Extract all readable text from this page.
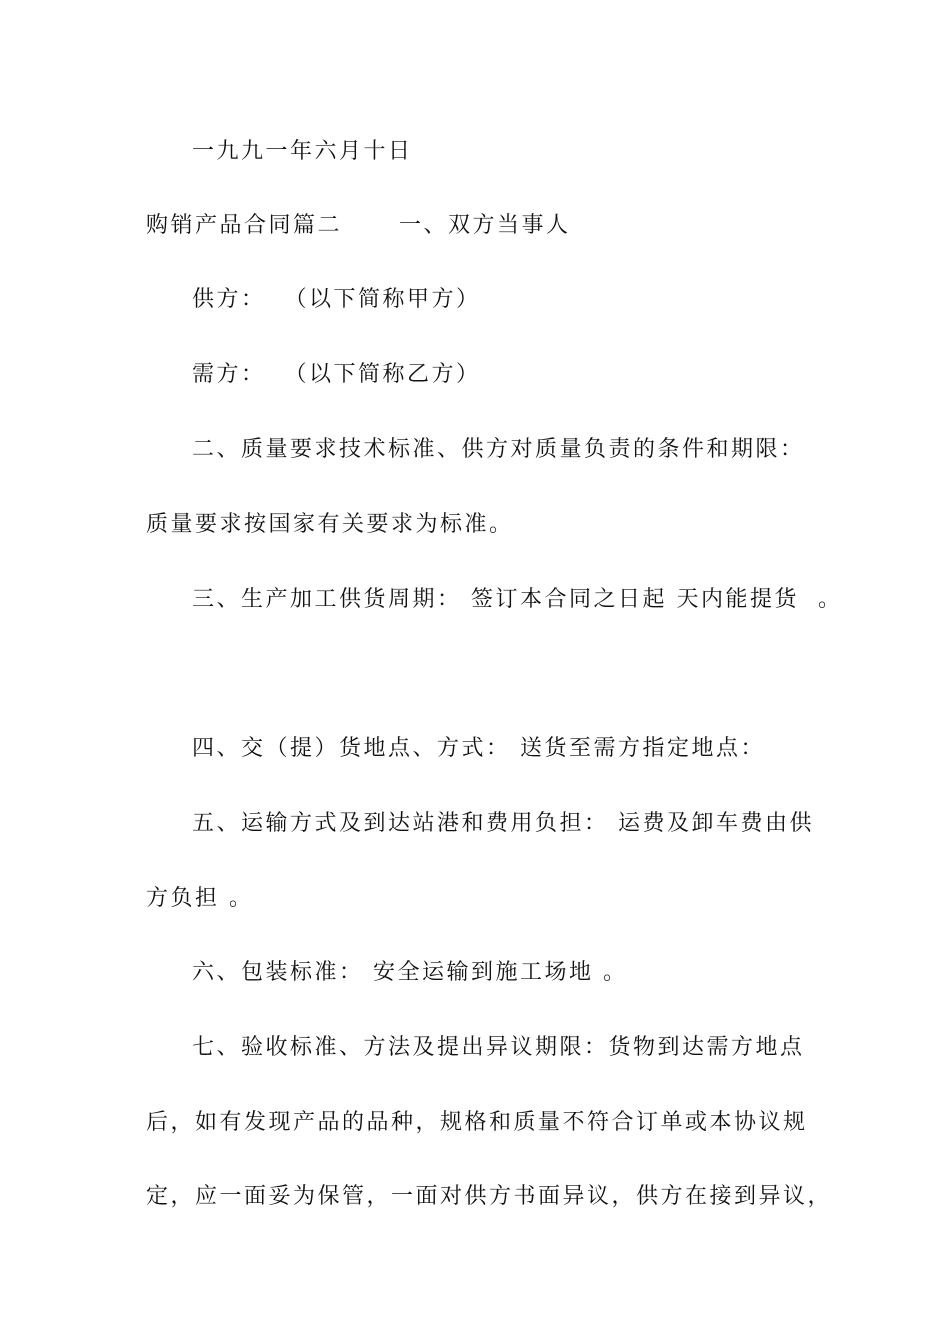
一九九一年六月十日
购销产品合同篇二      一、双方当事人
供方：  （以下简称甲方）
需方：  （以下简称乙方）
二、质量要求技术标准、供方对质量负责的条件和期限：
质量要求按国家有关要求为标准。
三、生产加工供货周期： 签订本合同之日起 天内能提货  。
四、交（提）货地点、方式： 送货至需方指定地点：
五、运输方式及到达站港和费用负担： 运费及卸车费由供
方负担 。
六、包装标准： 安全运输到施工场地 。
七、验收标准、方法及提出异议期限：货物到达需方地点
后，如有发现产品的品种，规格和质量不符合订单或本协议规
定，应一面妥为保管，一面对供方书面异议，供方在接到异议，
